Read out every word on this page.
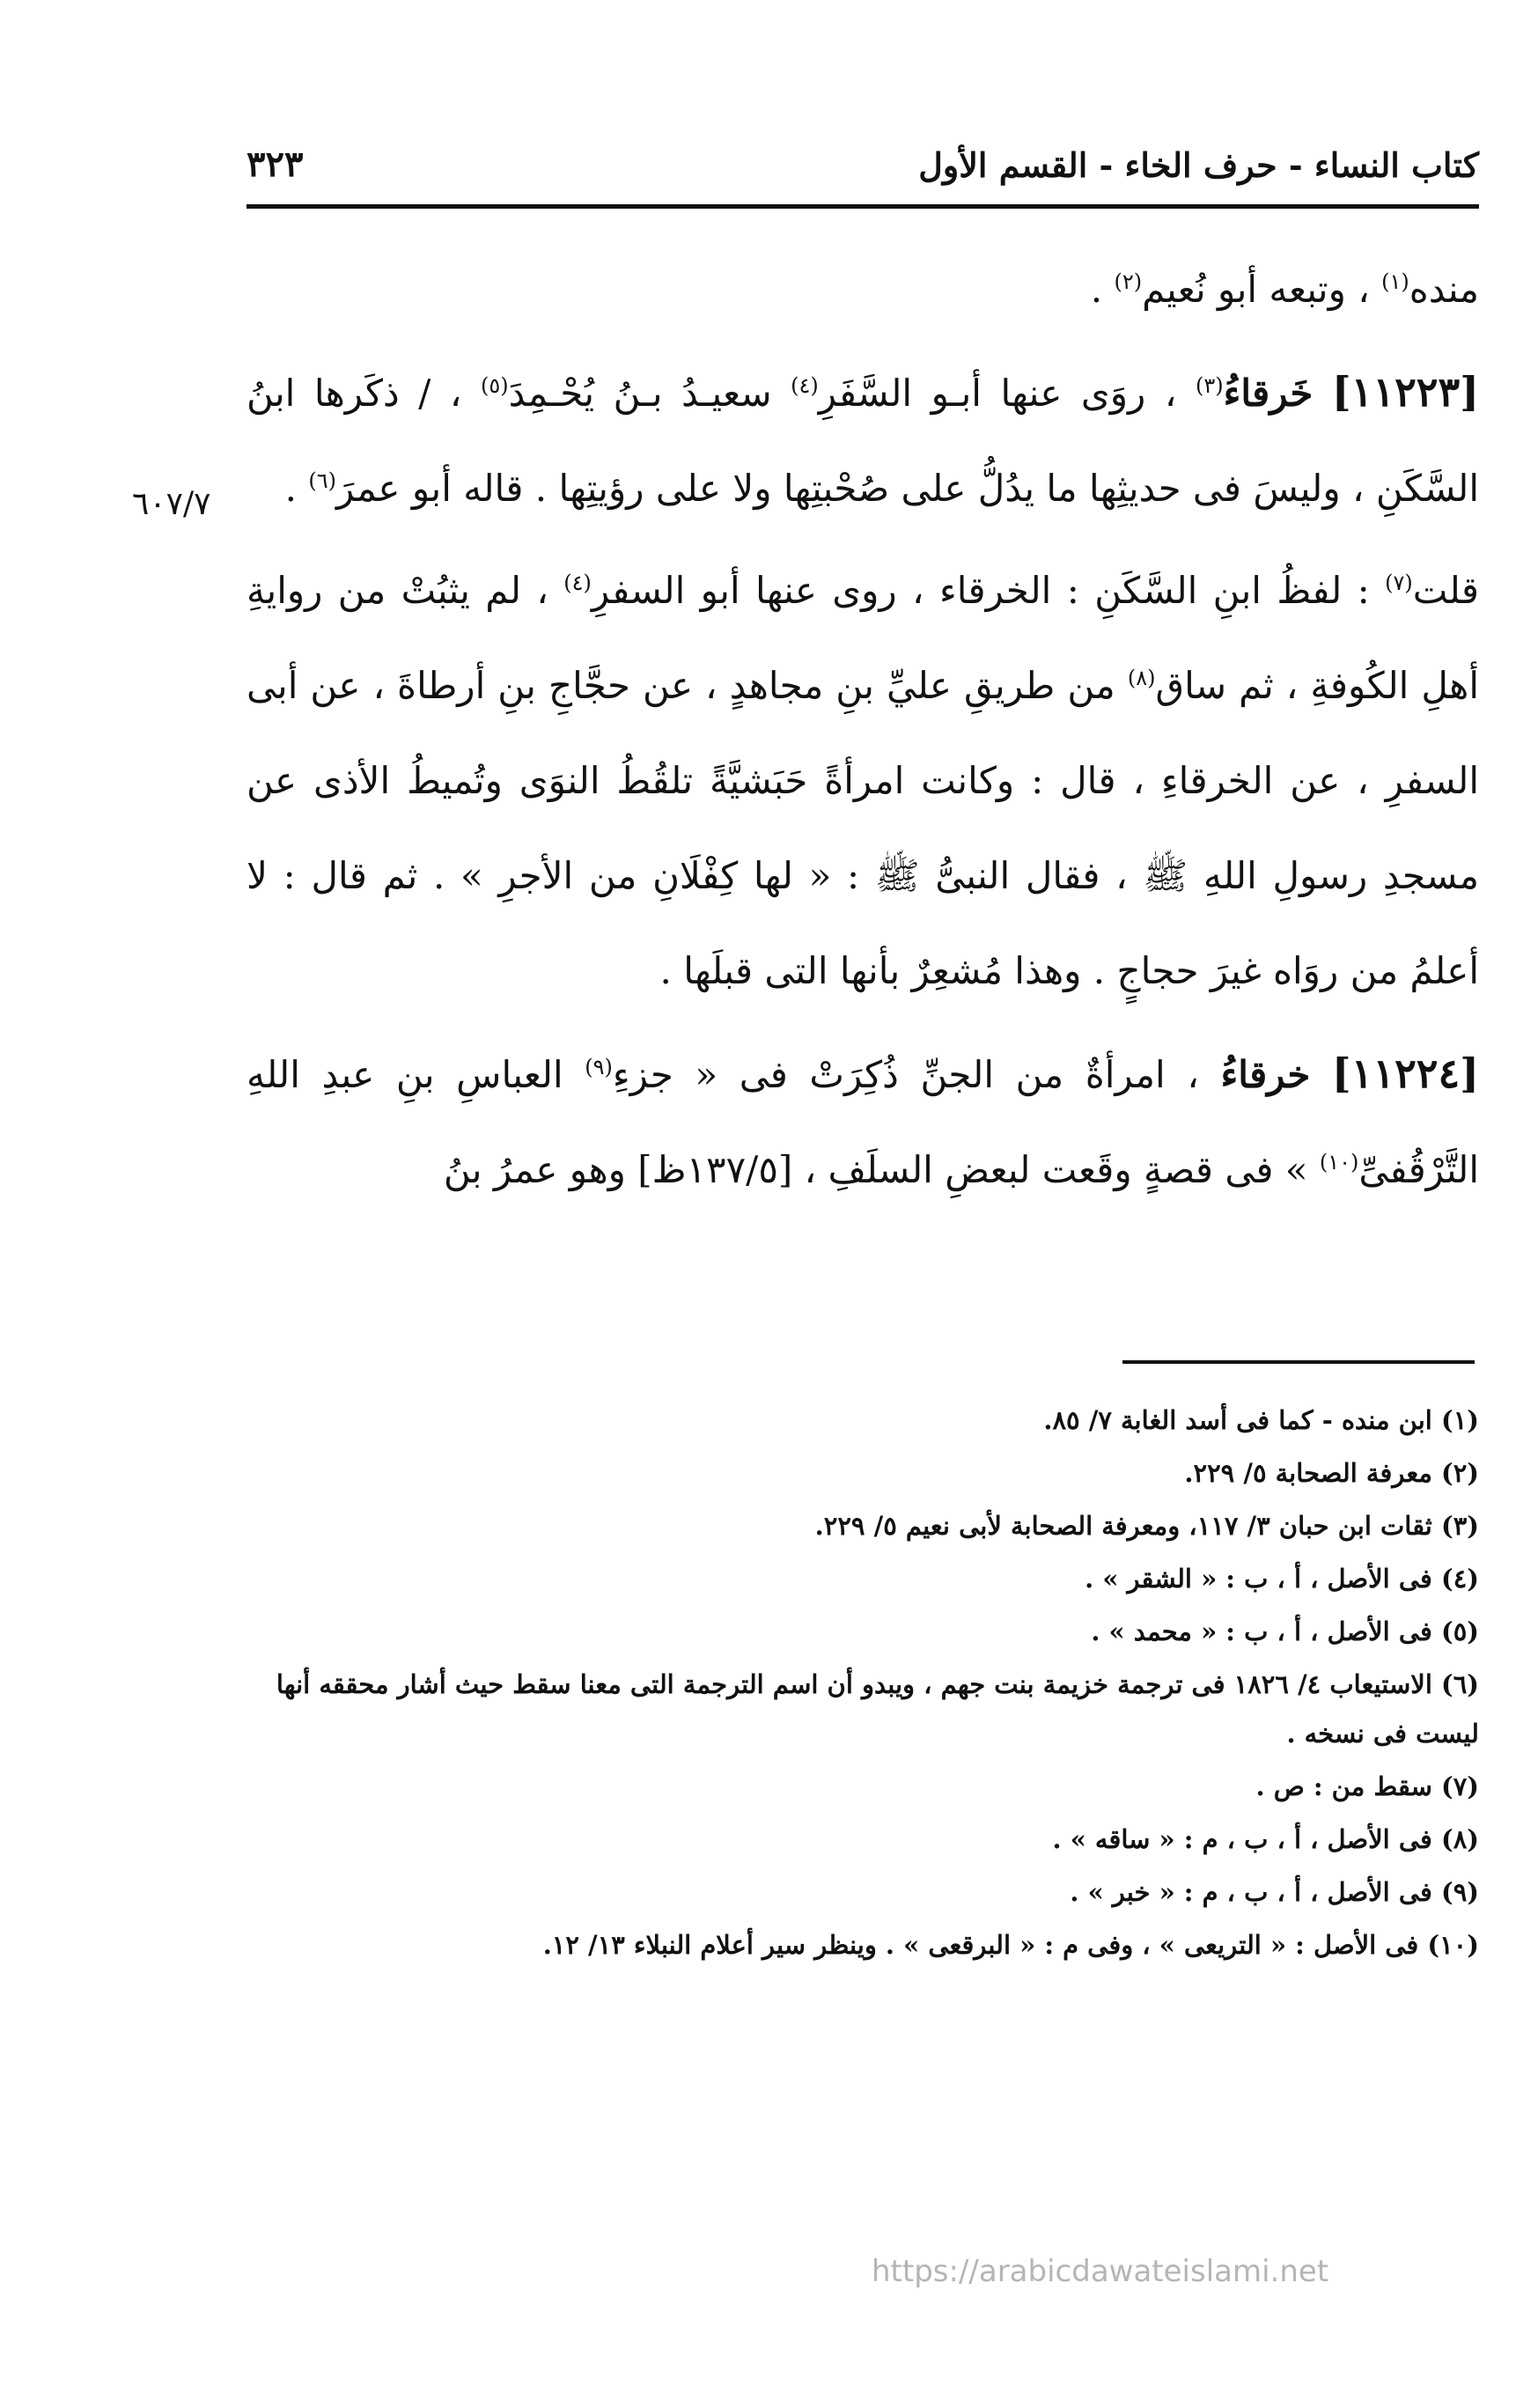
كتاب النساء - حرف الخاء - القسم الأول
٣٢٣

منده$^{(١)}$ ، وتبعه أبو نُعيم$^{(٢)}$ .

[١١٢٢٣] خَرقاءُ$^{(٣)}$ ، روَى عنها أبـو السَّفَرِ$^{(٤)}$ سعيـدُ بـنُ يُحْـمِدَ$^{(٥)}$ ، / ذكَرها ابنُ السَّكَنِ ، وليسَ فى حديثِها ما يدُلُّ على صُحْبتِها ولا على رؤيتِها . قاله أبو عمرَ$^{(٦)}$ .

قلت$^{(٧)}$ : لفظُ ابنِ السَّكَنِ : الخرقاء ، روى عنها أبو السفرِ$^{(٤)}$ ، لم يثبُتْ من روايةِ أهلِ الكُوفةِ ، ثم ساق$^{(٨)}$ من طريقِ عليِّ بنِ مجاهدٍ ، عن حجَّاجِ بنِ أرطاةَ ، عن أبى السفرِ ، عن الخرقاءِ ، قال : وكانت امرأةً حَبَشيَّةً تلقُطُ النوَى وتُميطُ الأذى عن مسجدِ رسولِ اللهِ ﷺ ، فقال النبىُّ ﷺ : « لها كِفْلَانِ من الأجرِ » . ثم قال : لا أعلمُ من روَاه غيرَ حجاجٍ . وهذا مُشعِرٌ بأنها التى قبلَها .

[١١٢٢٤] خرقاءُ ، امرأةٌ من الجنِّ ذُكِرَتْ فى « جزءِ$^{(٩)}$ العباسِ بنِ عبدِ اللهِ التَّرْقُفىِّ$^{(١٠)}$ » فى قصةٍ وقَعت لبعضِ السلَفِ ، [١٣٧/٥ظ] وهو عمرُ بنُ

٦٠٧/٧
(١) ابن منده - كما فى أسد الغابة ٧/ ٨٥.
(٢) معرفة الصحابة ٥/ ٢٢٩.
(٣) ثقات ابن حبان ٣/ ١١٧، ومعرفة الصحابة لأبى نعيم ٥/ ٢٢٩.
(٤) فى الأصل ، أ ، ب : « الشقر » .
(٥) فى الأصل ، أ ، ب : « محمد » .
(٦) الاستيعاب ٤/ ١٨٢٦ فى ترجمة خزيمة بنت جهم ، ويبدو أن اسم الترجمة التى معنا سقط حيث أشار محققه أنها ليست فى نسخه .
(٧) سقط من : ص .
(٨) فى الأصل ، أ ، ب ، م : « ساقه » .
(٩) فى الأصل ، أ ، ب ، م : « خبر » .
(١٠) فى الأصل : « التريعى » ، وفى م : « البرقعى » . وينظر سير أعلام النبلاء ١٣/ ١٢.
https://arabicdawateislami.net
